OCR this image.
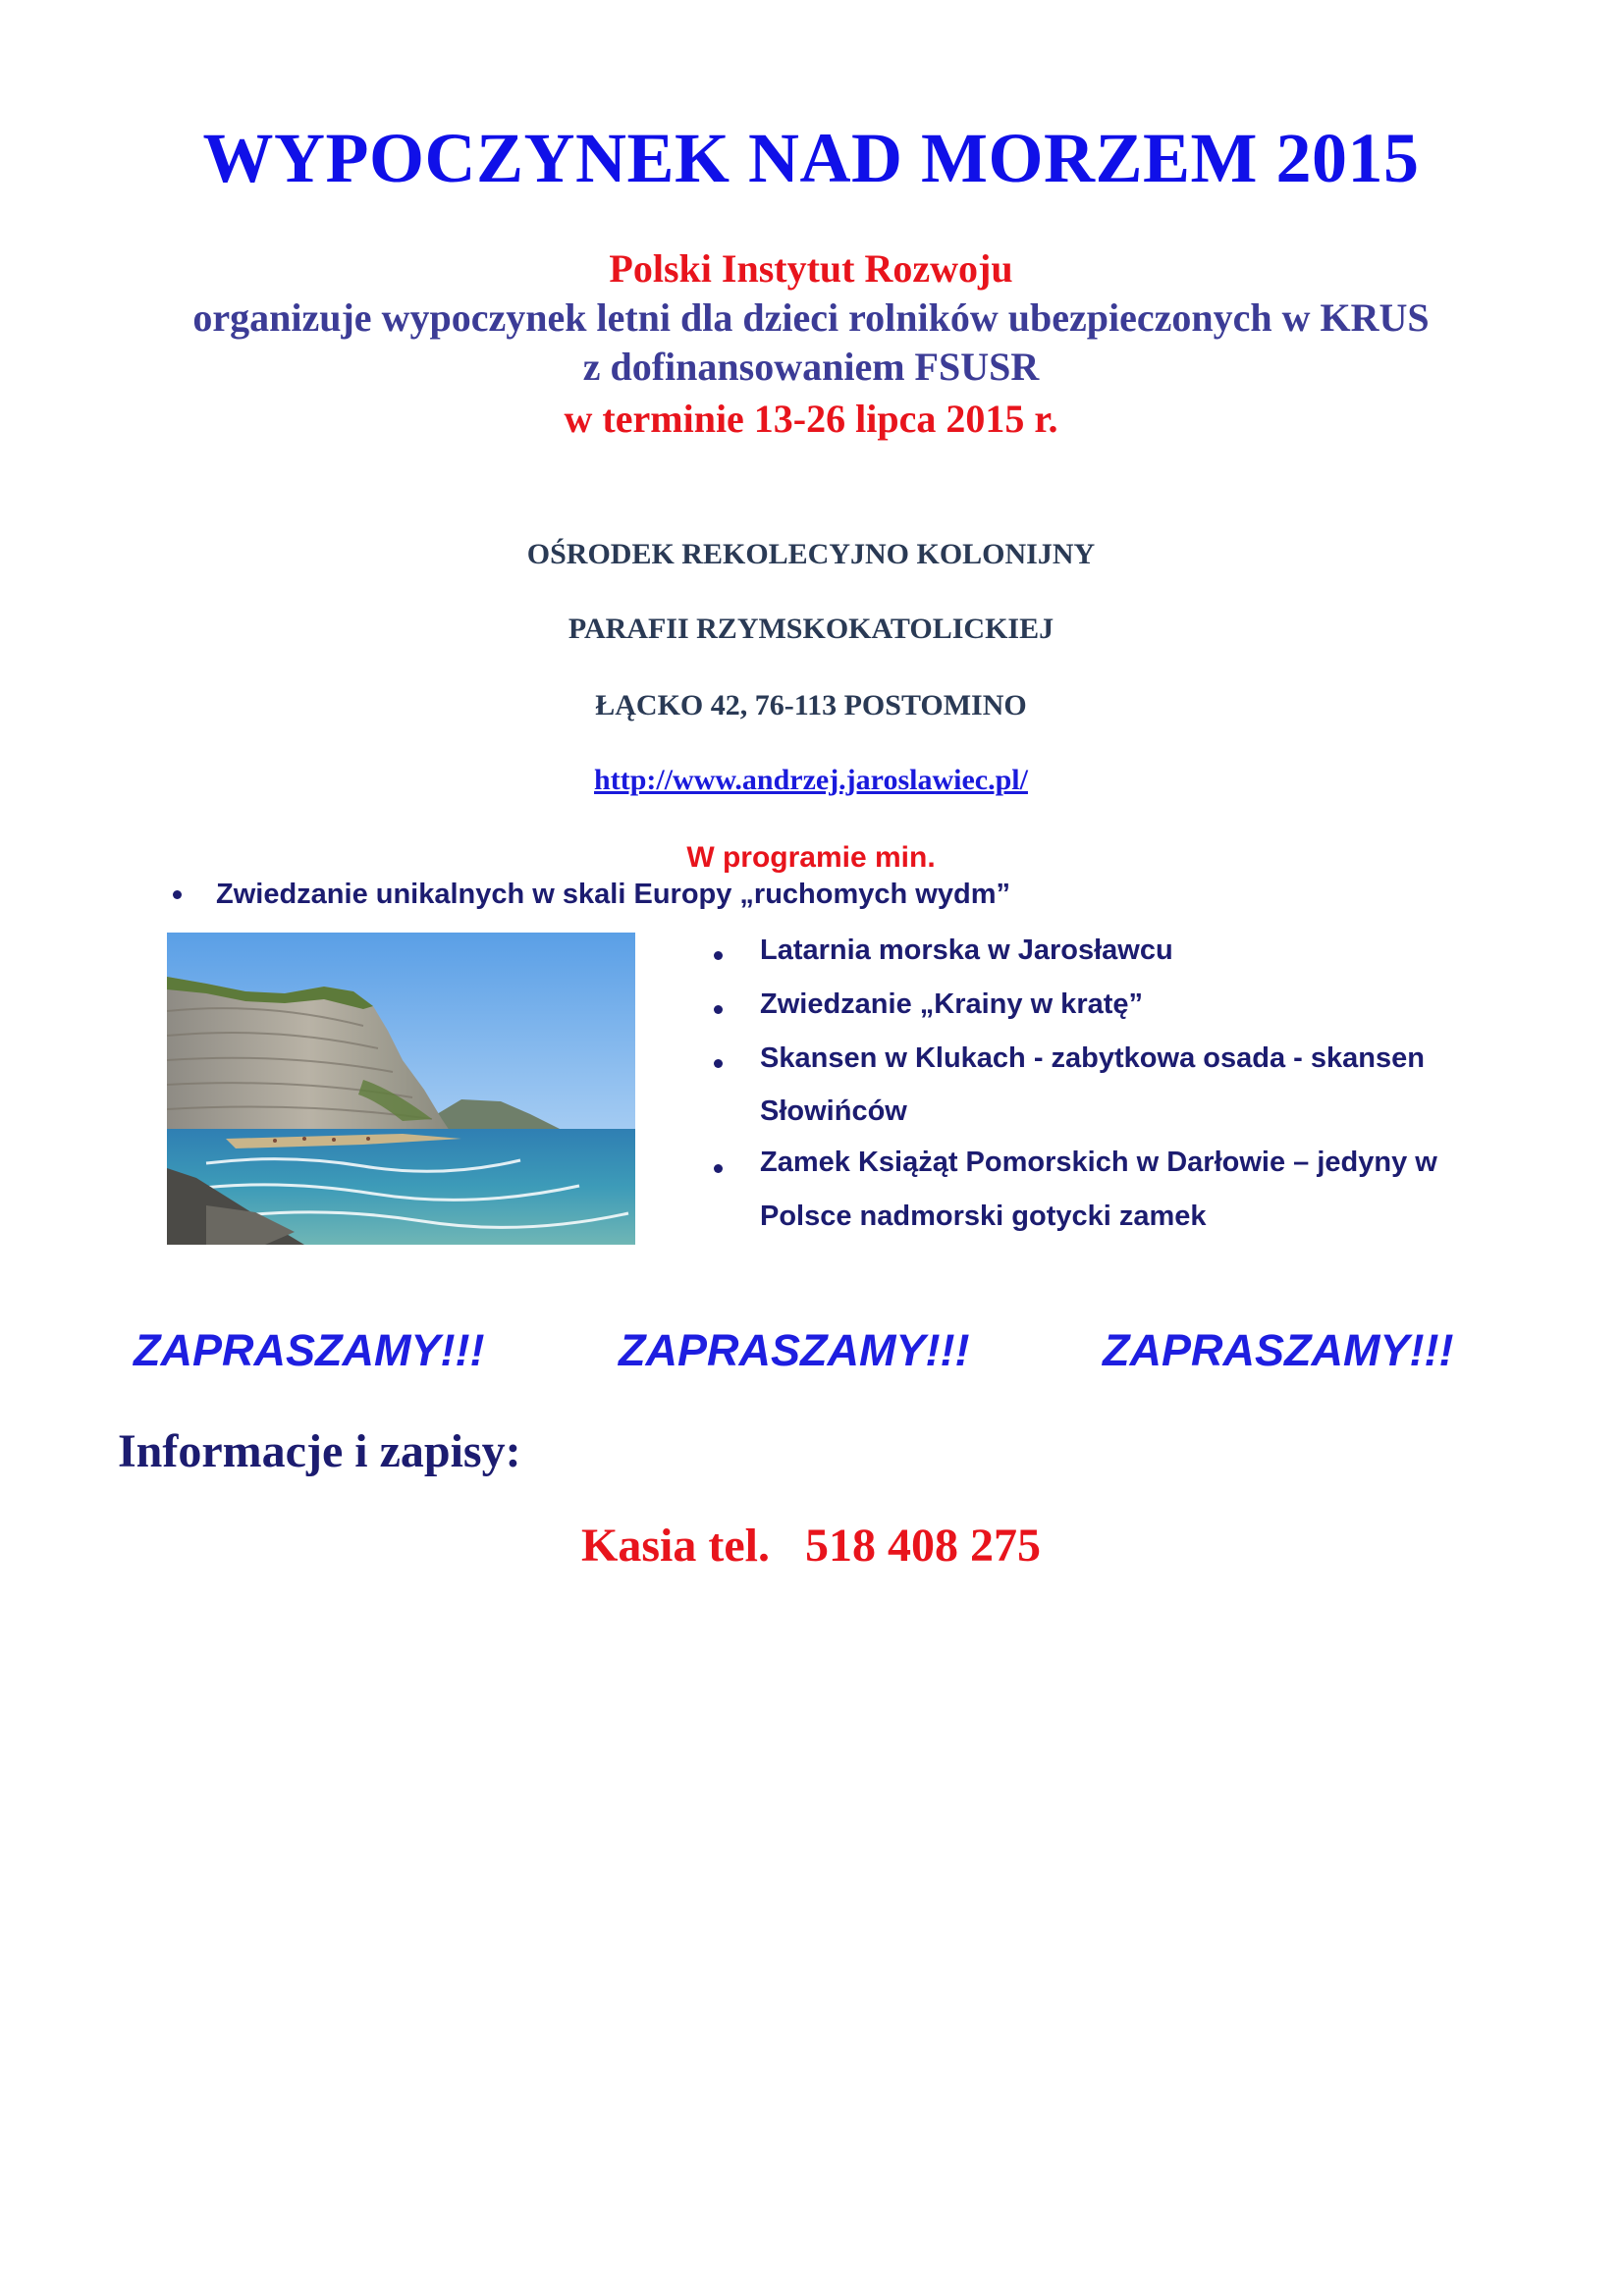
WYPOCZYNEK NAD MORZEM 2015
Polski Instytut Rozwoju
organizuje wypoczynek letni dla dzieci rolników ubezpieczonych w KRUS
z dofinansowaniem FSUSR
w terminie 13-26 lipca 2015 r.
OŚRODEK REKOLECYJNO KOLONIJNY
PARAFII RZYMSKOKATOLICKIEJ
ŁĄCKO 42, 76-113 POSTOMINO
http://www.andrzej.jaroslawiec.pl/
W programie min.
Zwiedzanie unikalnych w skali Europy „ruchomych wydm”
Latarnia morska w Jarosławcu
Zwiedzanie „Krainy w kratę”
Skansen w Klukach - zabytkowa osada - skansen
Słowińców
Zamek Książąt Pomorskich w Darłowie – jedyny w
Polsce nadmorski gotycki zamek
ZAPRASZAMY!!!	ZAPRASZAMY!!!	ZAPRASZAMY!!!
Informacje i zapisy:
Kasia tel.   518 408 275
